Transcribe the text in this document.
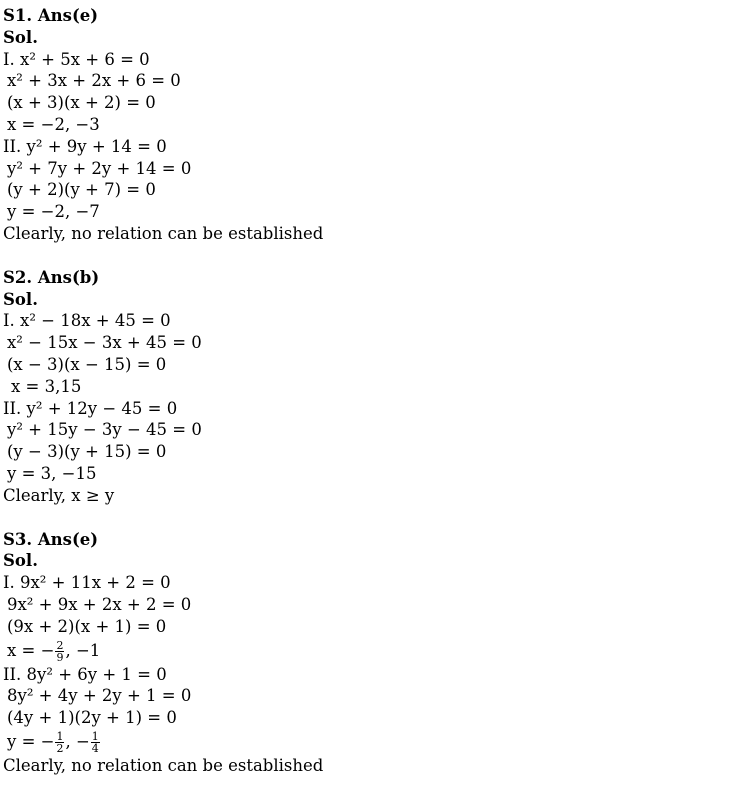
S1. Ans(e)
Sol.
I. x² + 5x + 6 = 0
x² + 3x + 2x + 6 = 0
(x + 3)(x + 2) = 0
x = −2, −3
II. y² + 9y + 14 = 0
y² + 7y + 2y + 14 = 0
(y + 2)(y + 7) = 0
y = −2, −7
Clearly, no relation can be established
S2. Ans(b)
Sol.
I. x² − 18x + 45 = 0
x² − 15x − 3x + 45 = 0
(x − 3)(x − 15) = 0
x = 3,15
II. y² + 12y − 45 = 0
y² + 15y − 3y − 45 = 0
(y − 3)(y + 15) = 0
y = 3, −15
Clearly, x ≥ y
S3. Ans(e)
Sol.
I. 9x² + 11x + 2 = 0
9x² + 9x + 2x + 2 = 0
(9x + 2)(x + 1) = 0
x = − $\frac{2}{9}$ , −1
II. 8y² + 6y + 1 = 0
8y² + 4y + 2y + 1 = 0
(4y + 1)(2y + 1) = 0
y = − $\frac{1}{2}$ , − $\frac{1}{4}$
Clearly, no relation can be established
